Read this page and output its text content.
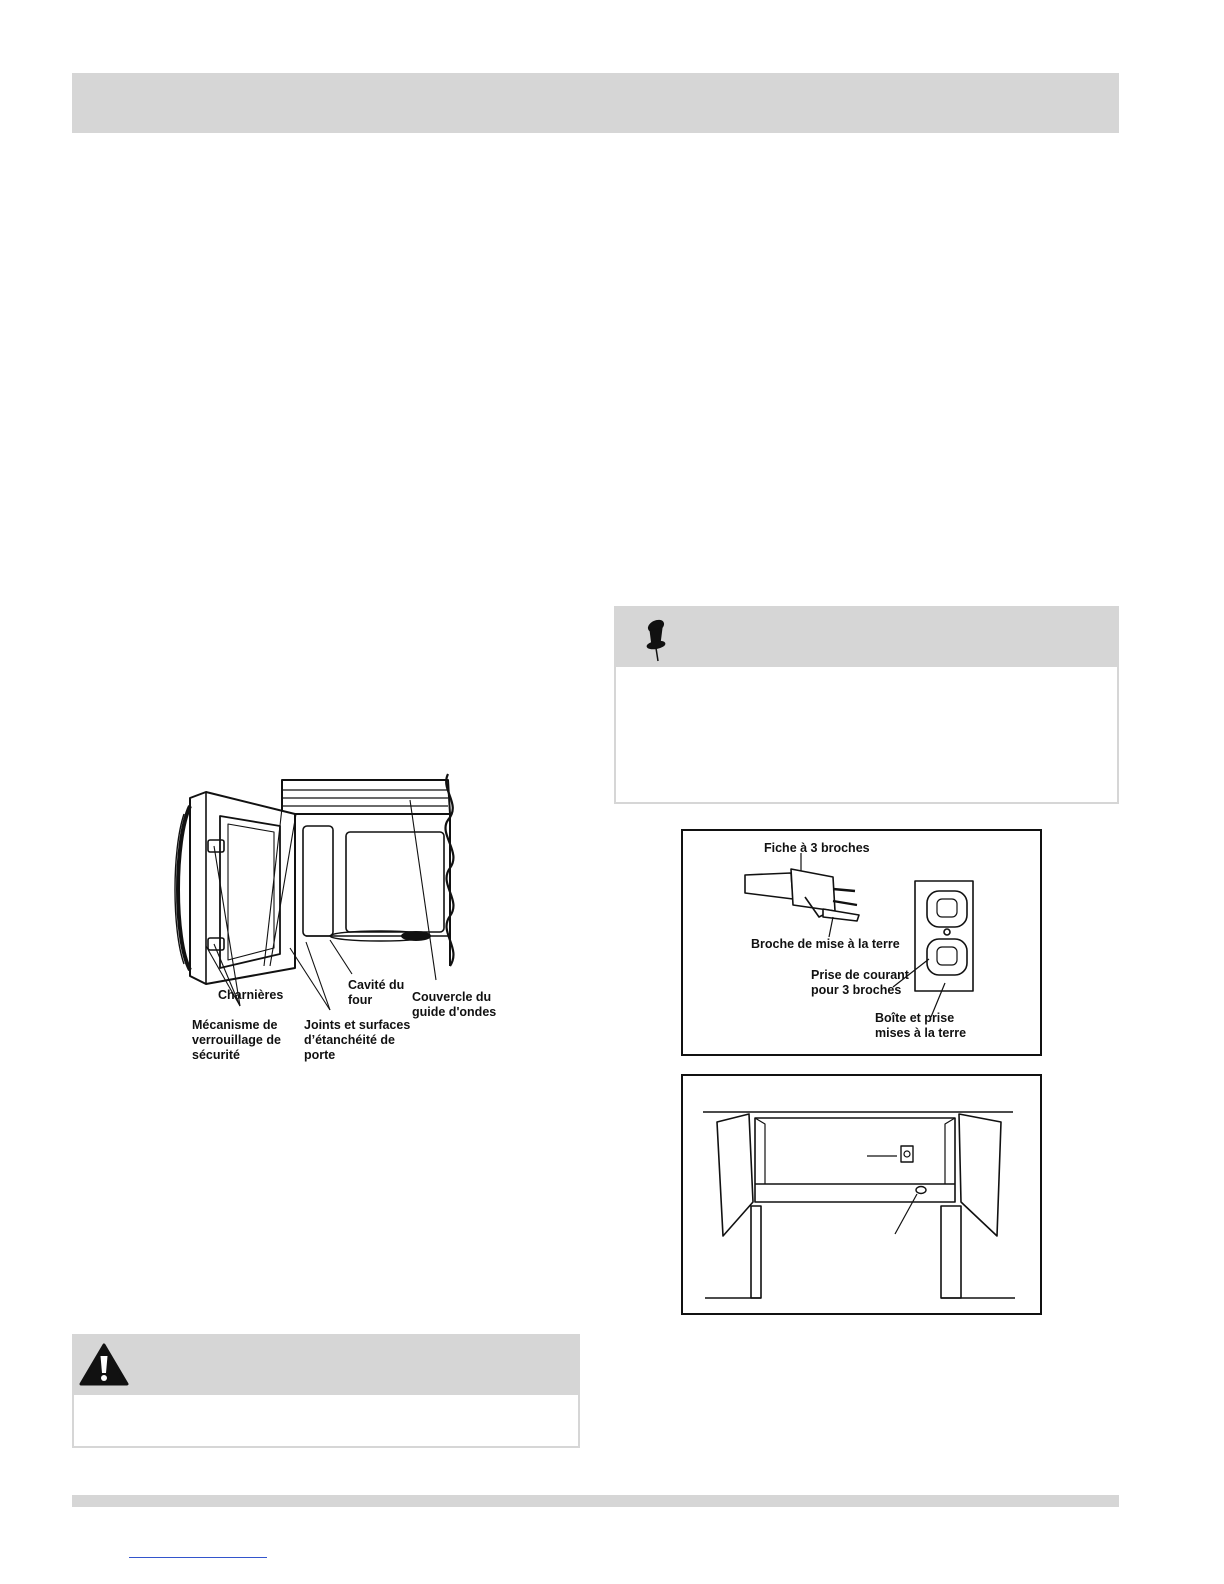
Charnières
Cavité du
four	Couvercle du
guide d'ondes
Mécanisme de
verrouillage de
sécurité
Joints et surfaces
d’étanchéité de
porte
Fiche à 3 broches
Broche de mise à la terre
Prise de courant
pour 3 broches
Boîte et prise
mises à la terre
